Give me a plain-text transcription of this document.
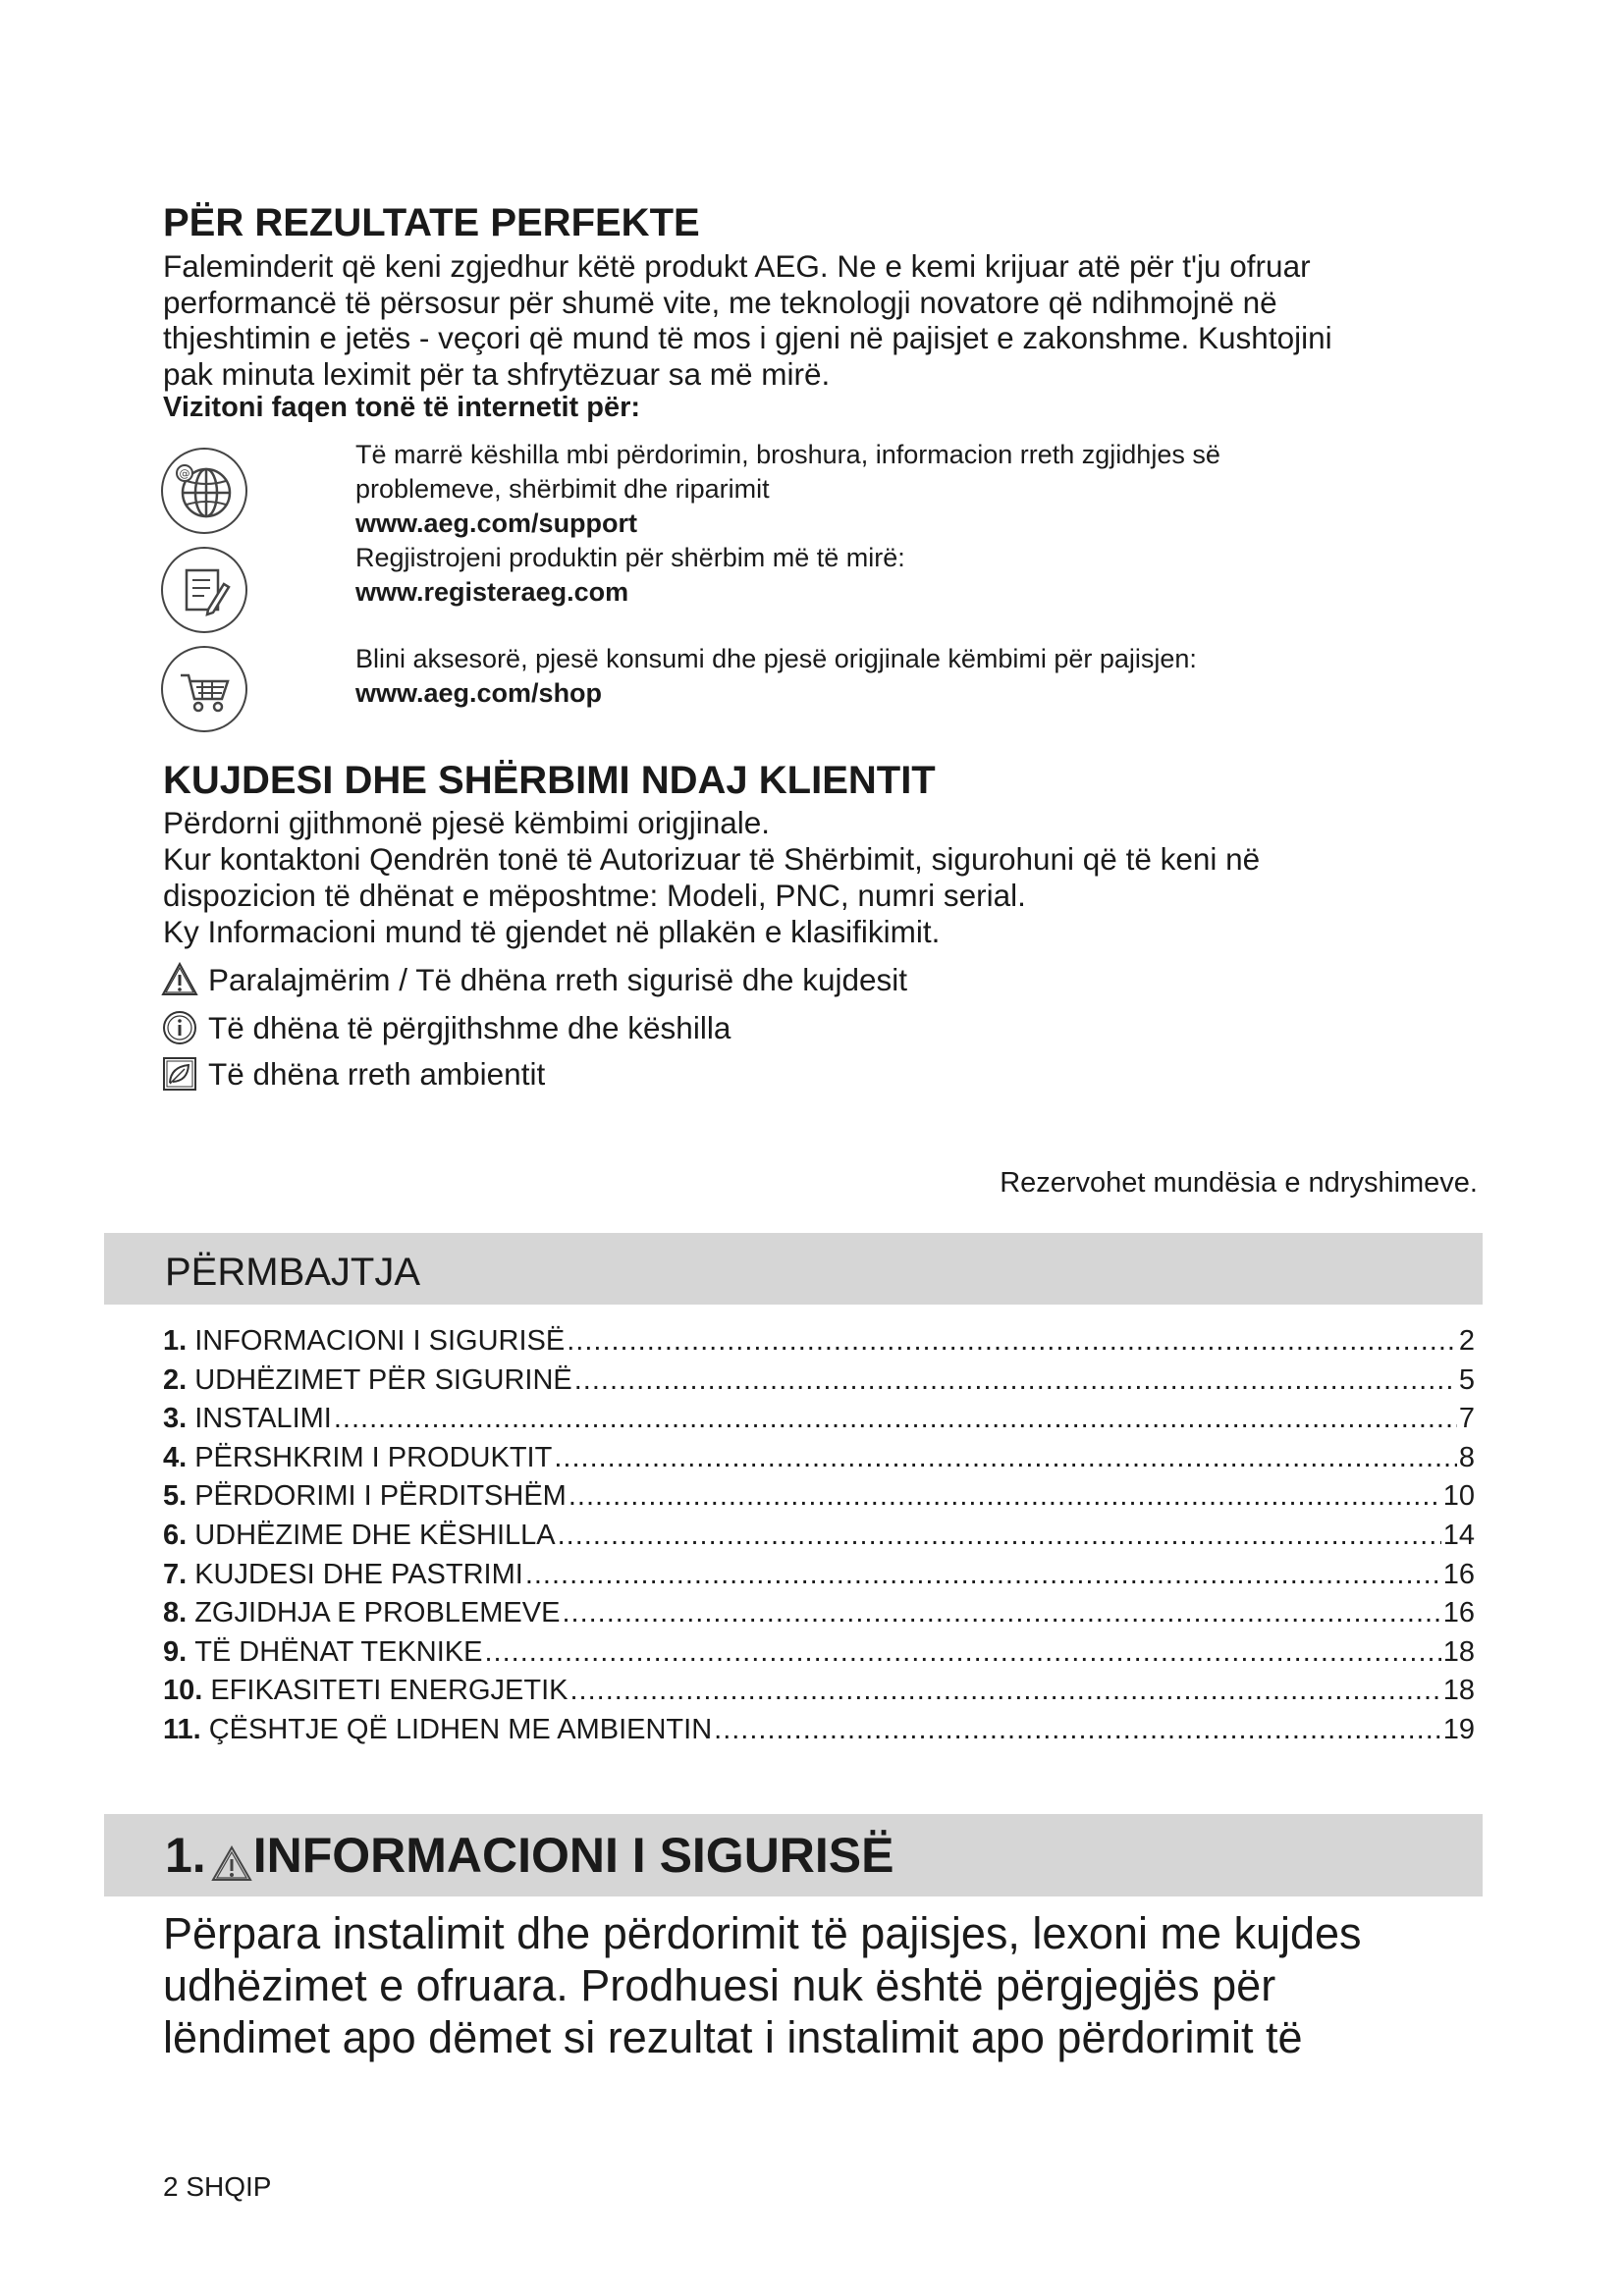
PËR REZULTATE PERFEKTE

Faleminderit që keni zgjedhur këtë produkt AEG. Ne e kemi krijuar atë për t'ju ofruar

performancë të përsosur për shumë vite, me teknologji novatore që ndihmojnë në

thjeshtimin e jetës - veçori që mund të mos i gjeni në pajisjet e zakonshme. Kushtojini

pak minuta leximit për ta shfrytëzuar sa më mirë.

Vizitoni faqen tonë të internetit për:
@
Të marrë këshilla mbi përdorimin, broshura, informacion rreth zgjidhjes së
problemeve, shërbimit dhe riparimit
www.aeg.com/support
Regjistrojeni produktin për shërbim më të mirë:
www.registeraeg.com
Blini aksesorë, pjesë konsumi dhe pjesë origjinale këmbimi për pajisjen:
www.aeg.com/shop
KUJDESI DHE SHËRBIMI NDAJ KLIENTIT

Përdorni gjithmonë pjesë këmbimi origjinale.

Kur kontaktoni Qendrën tonë të Autorizuar të Shërbimit, sigurohuni që të keni në

dispozicion të dhënat e mëposhtme: Modeli, PNC, numri serial.

Ky Informacioni mund të gjendet në pllakën e klasifikimit.

Paralajmërim / Të dhëna rreth sigurisë dhe kujdesit
Të dhëna të përgjithshme dhe këshilla
Të dhëna rreth ambientit
Rezervohet mundësia e ndryshimeve.
PËRMBAJTJA
1. INFORMACIONI I SIGURISË .....	2
2. UDHËZIMET PËR SIGURINË .....	5
3. INSTALIMI .....	7
4. PËRSHKRIM I PRODUKTIT .....	8
5. PËRDORIMI I PËRDITSHËM .....	10
6. UDHËZIME DHE KËSHILLA .....	14
7. KUJDESI DHE PASTRIMI .....	16
8. ZGJIDHJA E PROBLEMEVE .....	16
9. TË DHËNAT TEKNIKE .....	18
10. EFIKASITETI ENERGJETIK .....	18
11. ÇËSHTJE QË LIDHEN ME AMBIENTIN .....	19
1. INFORMACIONI I SIGURISË
Përpara instalimit dhe përdorimit të pajisjes, lexoni me kujdes
udhëzimet e ofruara. Prodhuesi nuk është përgjegjës për
lëndimet apo dëmet si rezultat i instalimit apo përdorimit të
2 SHQIP
